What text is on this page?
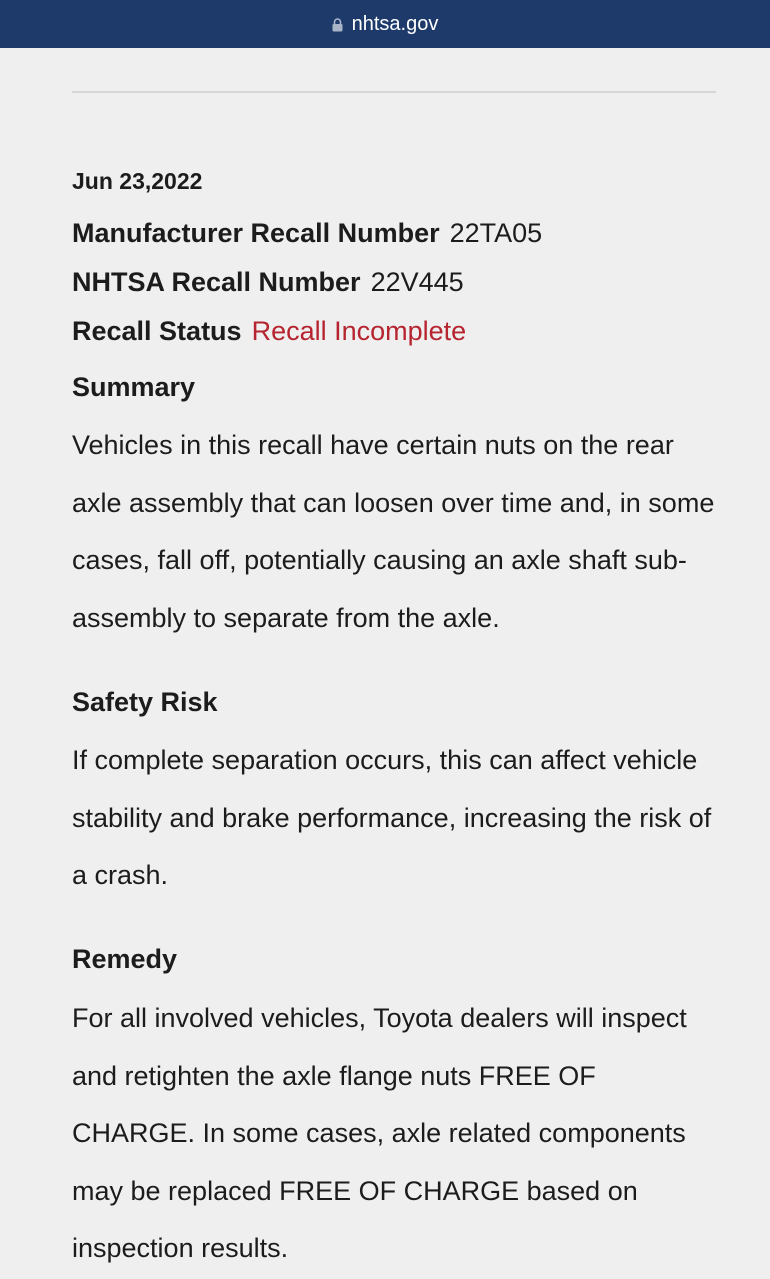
nhtsa.gov
Jun 23,2022
Manufacturer Recall Number 22TA05
NHTSA Recall Number 22V445
Recall Status Recall Incomplete
Summary
Vehicles in this recall have certain nuts on the rear axle assembly that can loosen over time and, in some cases, fall off, potentially causing an axle shaft sub-assembly to separate from the axle.
Safety Risk
If complete separation occurs, this can affect vehicle stability and brake performance, increasing the risk of a crash.
Remedy
For all involved vehicles, Toyota dealers will inspect and retighten the axle flange nuts FREE OF CHARGE. In some cases, axle related components may be replaced FREE OF CHARGE based on inspection results.
